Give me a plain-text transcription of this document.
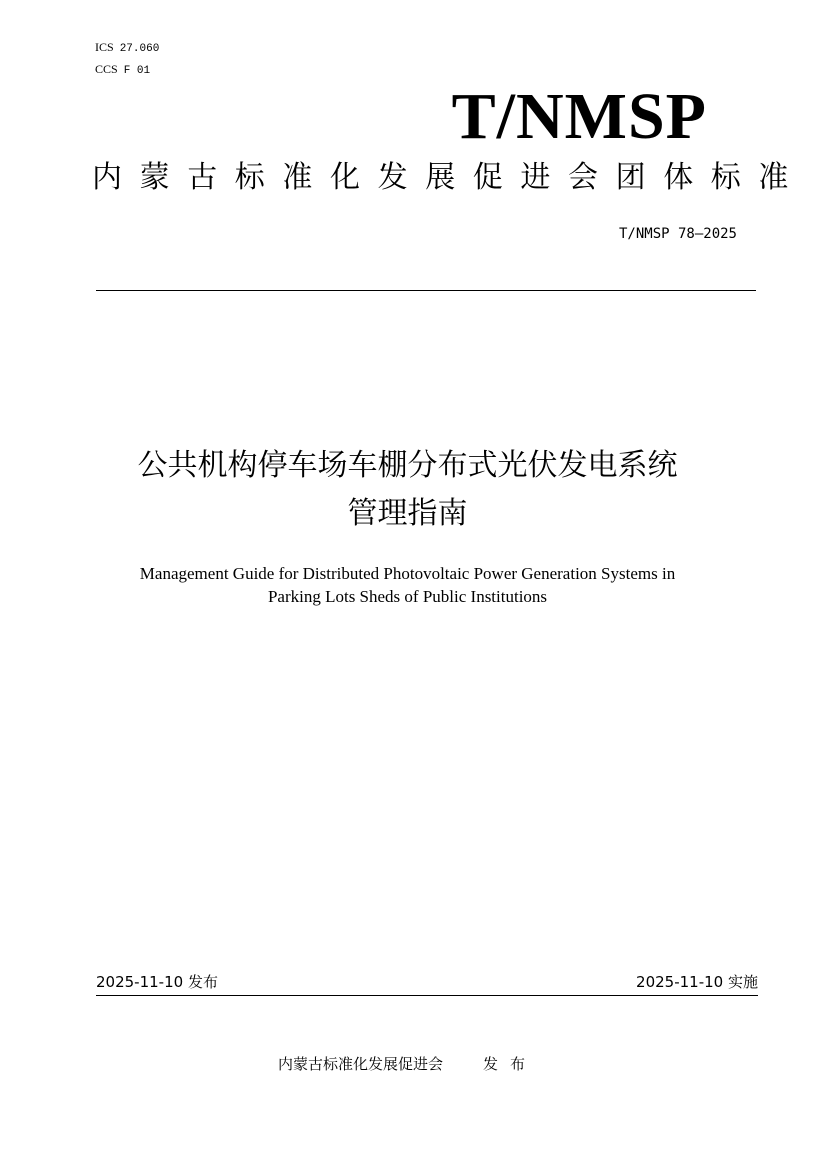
ICS 27.060
CCS F 01
T/NMSP
内蒙古标准化发展促进会团体标准
T/NMSP 78—2025
公共机构停车场车棚分布式光伏发电系统
管理指南
Management Guide for Distributed Photovoltaic Power Generation Systems in
Parking Lots Sheds of Public Institutions
2025-11-10 发布	2025-11-10 实施
内蒙古标准化发展促进会	发布
